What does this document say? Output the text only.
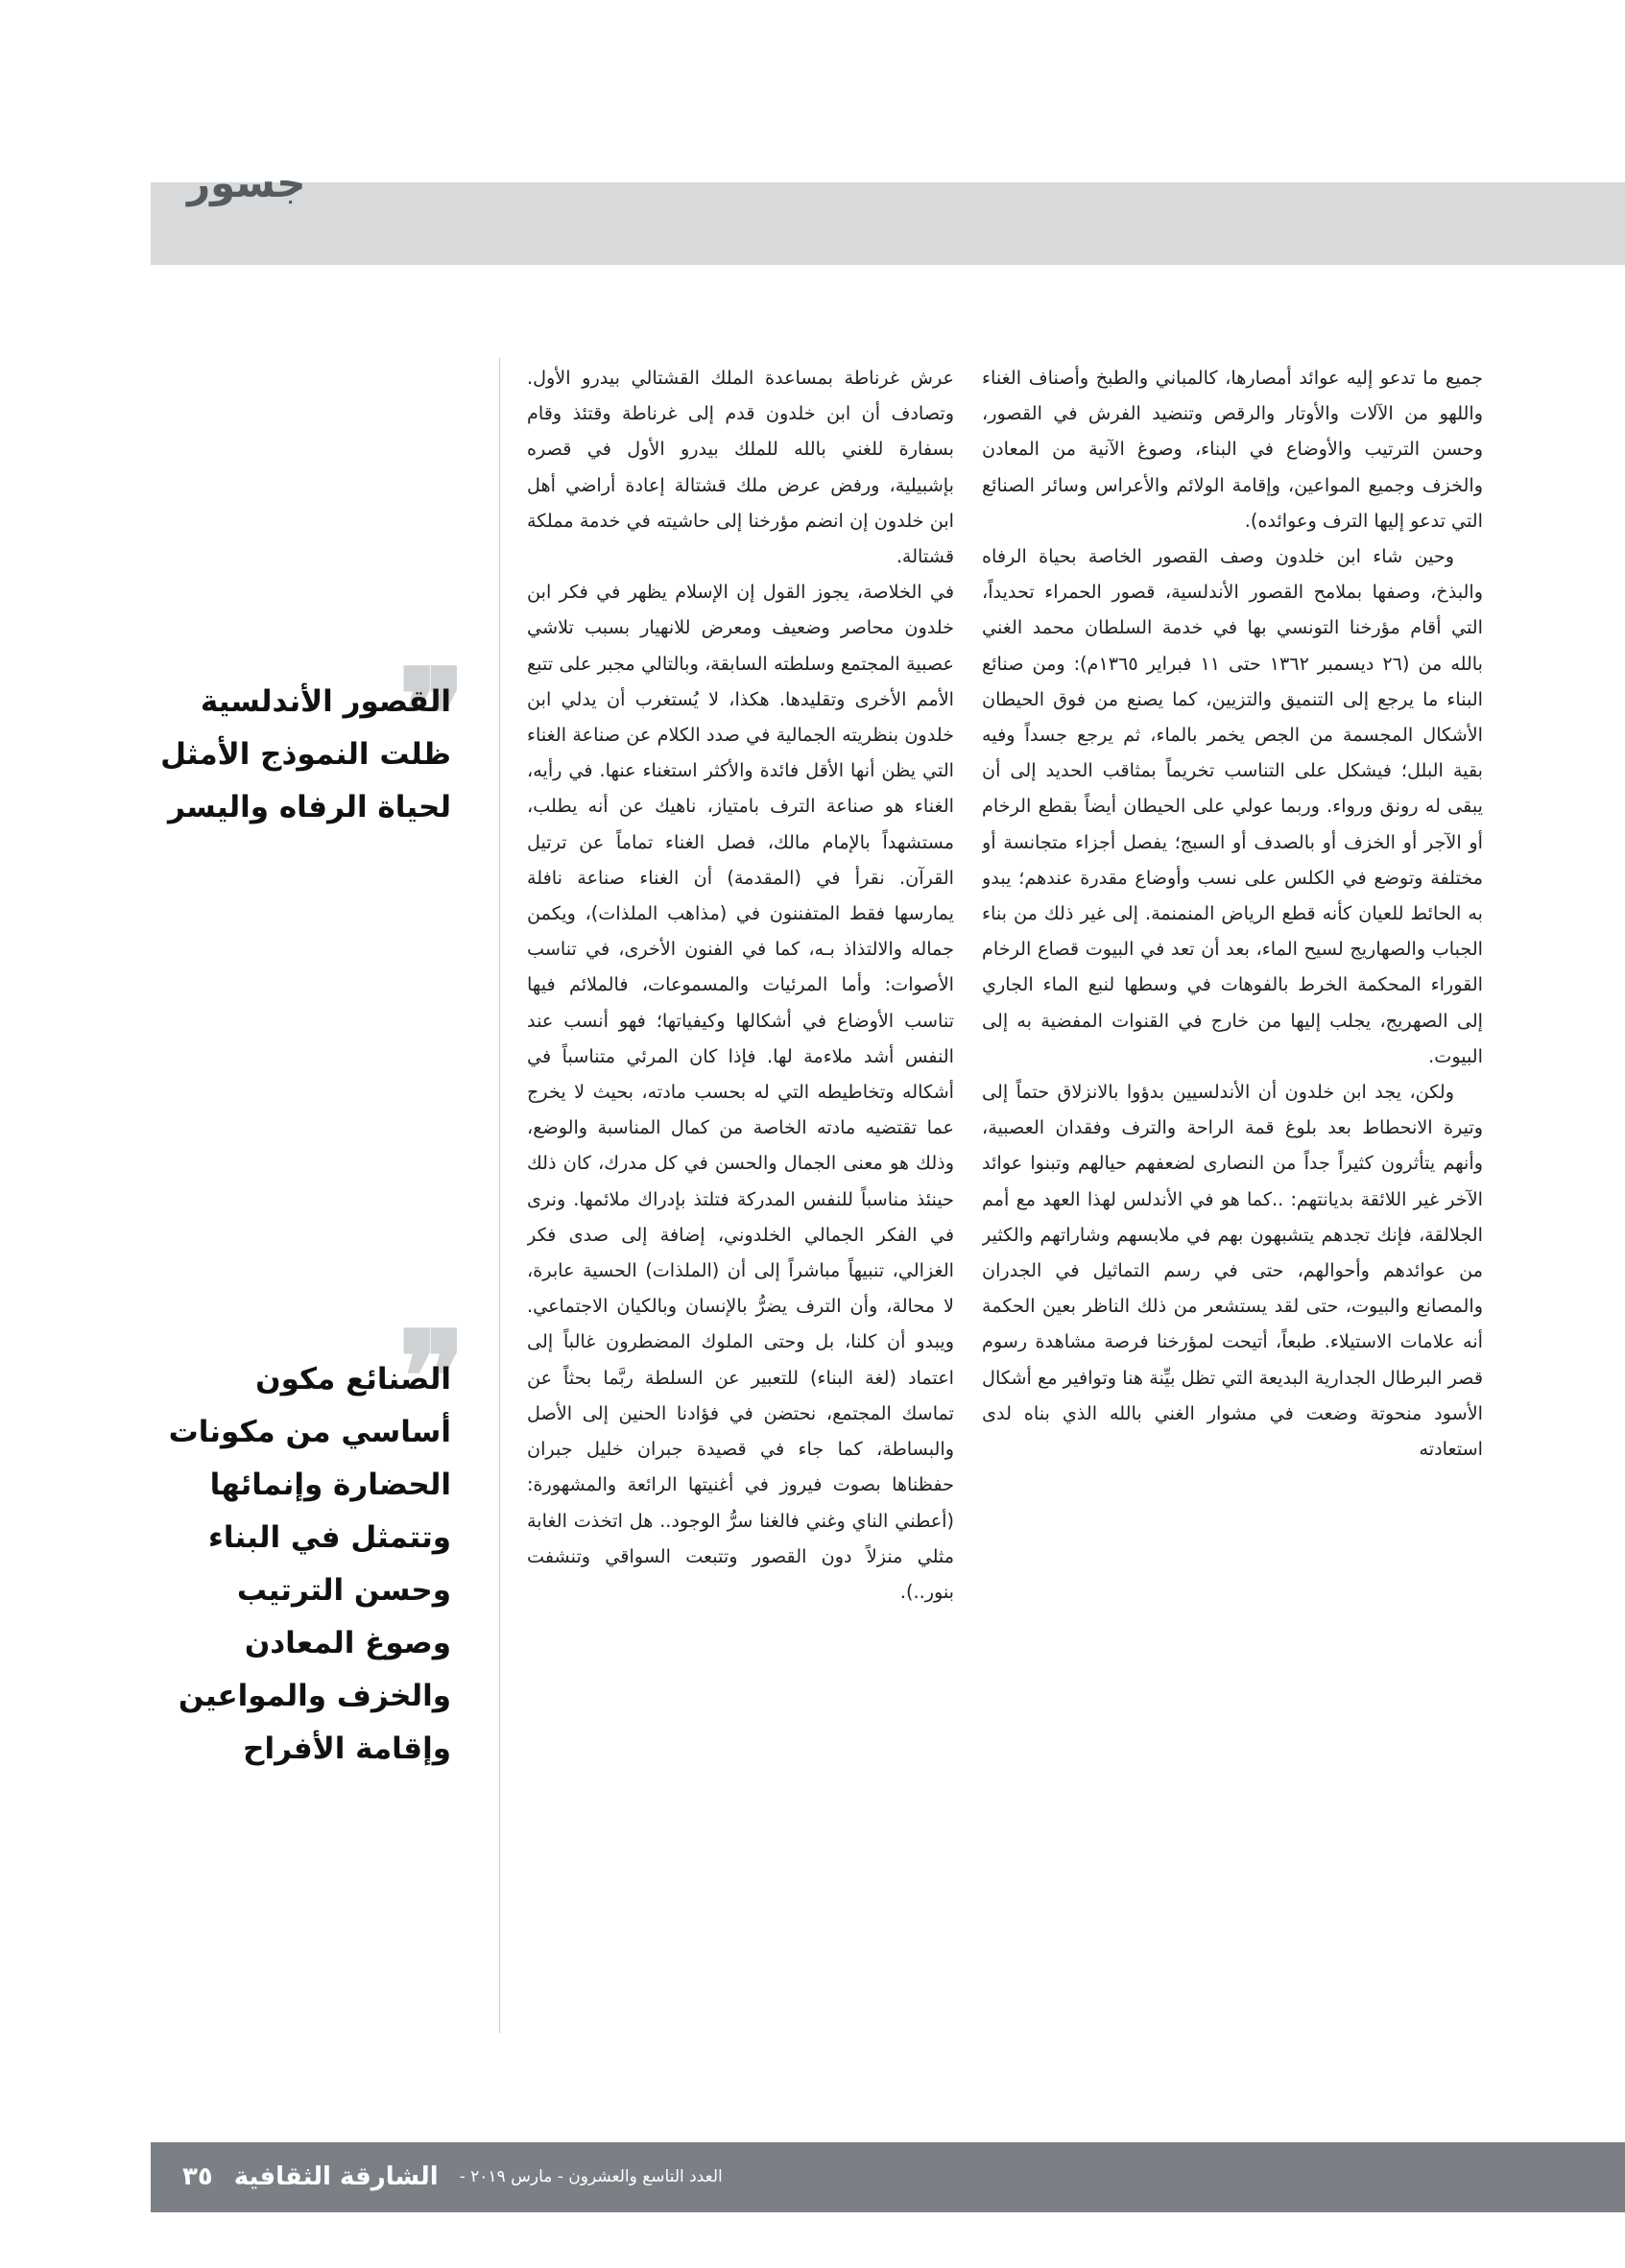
جسور

جميع ما تدعو إليه عوائد أمصارها، كالمباني والطبخ وأصناف الغناء واللهو من الآلات والأوتار والرقص وتنضيد الفرش في القصور، وحسن الترتيب والأوضاع في البناء، وصوغ الآنية من المعادن والخزف وجميع المواعين، وإقامة الولائم والأعراس وسائر الصنائع التي تدعو إليها الترف وعوائده).

وحين شاء ابن خلدون وصف القصور الخاصة بحياة الرفاه والبذخ، وصفها بملامح القصور الأندلسية، قصور الحمراء تحديداً، التي أقام مؤرخنا التونسي بها في خدمة السلطان محمد الغني بالله من (٢٦ ديسمبر ١٣٦٢ حتى ١١ فبراير ١٣٦٥م): ومن صنائع البناء ما يرجع إلى التنميق والتزيين، كما يصنع من فوق الحيطان الأشكال المجسمة من الجص يخمر بالماء، ثم يرجع جسداً وفيه بقية البلل؛ فيشكل على التناسب تخريماً بمثاقب الحديد إلى أن يبقى له رونق ورواء. وربما عولي على الحيطان أيضاً بقطع الرخام أو الآجر أو الخزف أو بالصدف أو السبج؛ يفصل أجزاء متجانسة أو مختلفة وتوضع في الكلس على نسب وأوضاع مقدرة عندهم؛ يبدو به الحائط للعيان كأنه قطع الرياض المنمنمة. إلى غير ذلك من بناء الجباب والصهاريج لسيح الماء، بعد أن تعد في البيوت قصاع الرخام القوراء المحكمة الخرط بالفوهات في وسطها لنبع الماء الجاري إلى الصهريج، يجلب إليها من خارج في القنوات المفضية به إلى البيوت.

ولكن، يجد ابن خلدون أن الأندلسيين بدؤوا بالانزلاق حتماً إلى وتيرة الانحطاط بعد بلوغ قمة الراحة والترف وفقدان العصبية، وأنهم يتأثرون كثيراً جداً من النصارى لضعفهم حيالهم وتبنوا عوائد الآخر غير اللائقة بديانتهم: ..كما هو في الأندلس لهذا العهد مع أمم الجلالقة، فإنك تجدهم يتشبهون بهم في ملابسهم وشاراتهم والكثير من عوائدهم وأحوالهم، حتى في رسم التماثيل في الجدران والمصانع والبيوت، حتى لقد يستشعر من ذلك الناظر بعين الحكمة أنه علامات الاستيلاء. طبعاً، أتيحت لمؤرخنا فرصة مشاهدة رسوم قصر البرطال الجدارية البديعة التي تظل بيِّنة هنا وتوافير مع أشكال الأسود منحوتة وضعت في مشوار الغني بالله الذي بناه لدى استعادته

عرش غرناطة بمساعدة الملك القشتالي بيدرو الأول. وتصادف أن ابن خلدون قدم إلى غرناطة وقتئذ وقام بسفارة للغني بالله للملك بيدرو الأول في قصره بإشبيلية، ورفض عرض ملك قشتالة إعادة أراضي أهل ابن خلدون إن انضم مؤرخنا إلى حاشيته في خدمة مملكة قشتالة.

في الخلاصة، يجوز القول إن الإسلام يظهر في فكر ابن خلدون محاصر وضعيف ومعرض للانهيار بسبب تلاشي عصبية المجتمع وسلطته السابقة، وبالتالي مجبر على تتبع الأمم الأخرى وتقليدها. هكذا، لا يُستغرب أن يدلي ابن خلدون بنظريته الجمالية في صدد الكلام عن صناعة الغناء التي يظن أنها الأقل فائدة والأكثر استغناء عنها. في رأيه، الغناء هو صناعة الترف بامتياز، ناهيك عن أنه يطلب، مستشهداً بالإمام مالك، فصل الغناء تماماً عن ترتيل القرآن. نقرأ في (المقدمة) أن الغناء صناعة نافلة يمارسها فقط المتفننون في (مذاهب الملذات)، ويكمن جماله والالتذاذ بـه، كما في الفنون الأخرى، في تناسب الأصوات: وأما المرئيات والمسموعات، فالملائم فيها تناسب الأوضاع في أشكالها وكيفياتها؛ فهو أنسب عند النفس أشد ملاءمة لها. فإذا كان المرئي متناسباً في أشكاله وتخاطيطه التي له بحسب مادته، بحيث لا يخرج عما تقتضيه مادته الخاصة من كمال المناسبة والوضع، وذلك هو معنى الجمال والحسن في كل مدرك، كان ذلك حينئذ مناسباً للنفس المدركة فتلتذ بإدراك ملائمها. ونرى في الفكر الجمالي الخلدوني، إضافة إلى صدى فكر الغزالي، تنبيهاً مباشراً إلى أن (الملذات) الحسية عابرة، لا محالة، وأن الترف يضرُّ بالإنسان وبالكيان الاجتماعي. ويبدو أن كلنا، بل وحتى الملوك المضطرون غالباً إلى اعتماد (لغة البناء) للتعبير عن السلطة ربَّما بحثاً عن تماسك المجتمع، نحتضن في فؤادنا الحنين إلى الأصل والبساطة، كما جاء في قصيدة جبران خليل جبران حفظناها بصوت فيروز في أغنيتها الرائعة والمشهورة: (أعطني الناي وغني فالغنا سرُّ الوجود.. هل اتخذت الغابة مثلي منزلاً دون القصور وتتبعت السواقي وتنشفت بنور..).

❞
القصور الأندلسية ظلت النموذج الأمثل لحياة الرفاه واليسر
❞
الصنائع مكون أساسي من مكونات الحضارة وإنمائها وتتمثل في البناء وحسن الترتيب وصوغ المعادن والخزف والمواعين وإقامة الأفراح
العدد التاسع والعشرون - مارس ٢٠١٩ -
الشارقة الثقافية
٣٥
